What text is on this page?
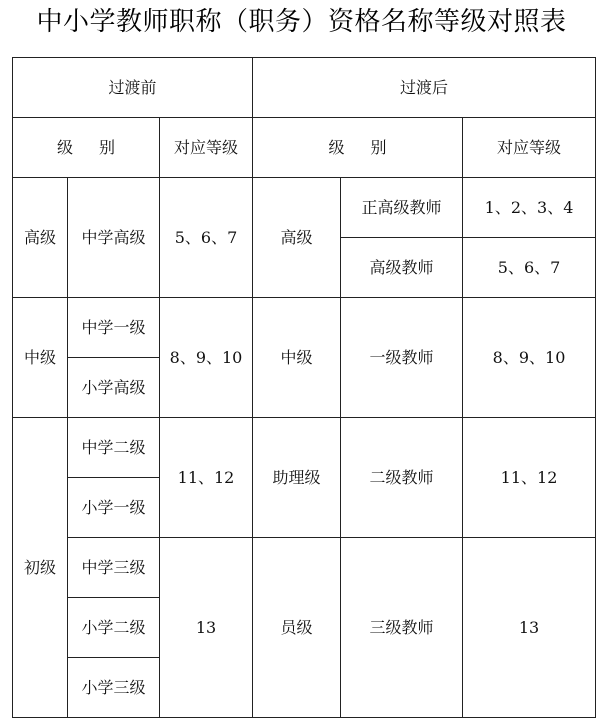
中小学教师职称（职务）资格名称等级对照表
过渡前			过渡后		
级别		对应等级	级别		对应等级
高级	中学高级	5、6、7	高级	正高级教师	1、2、3、4
				高级教师	5、6、7
中级	中学一级	8、9、10	中级	一级教师	8、9、10
	小学高级				
初级	中学二级	11、12	助理级	二级教师	11、12
	小学一级				
	中学三级	13	员级	三级教师	13
	小学二级				
	小学三级				
